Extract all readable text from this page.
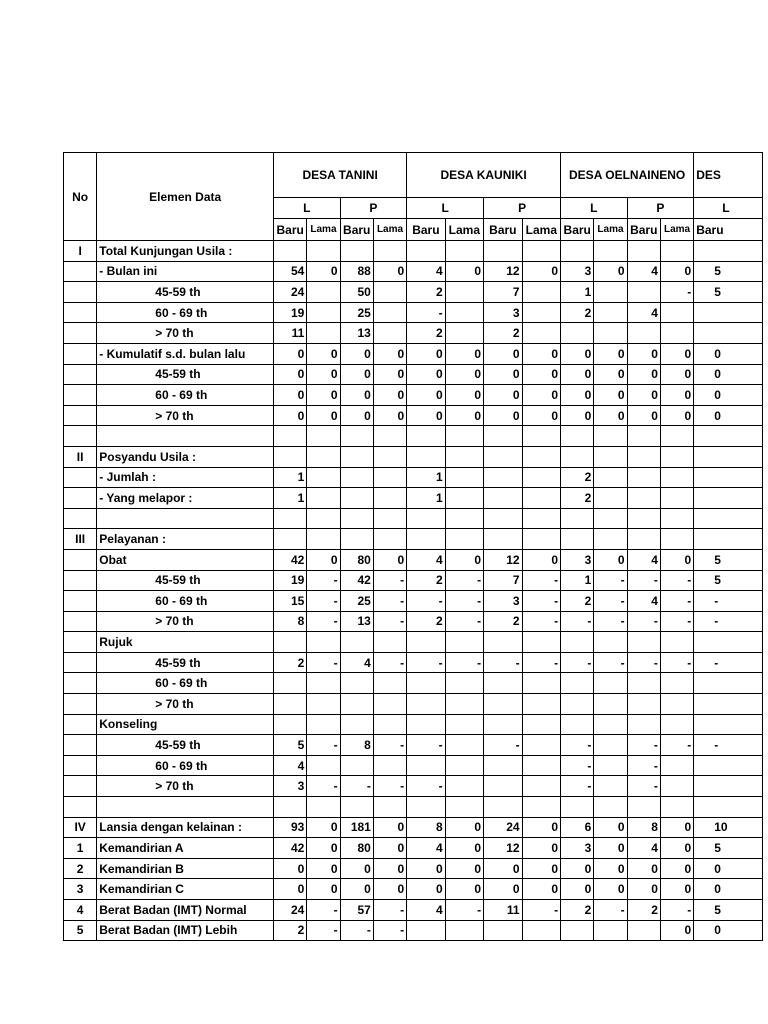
No	Elemen Data	DESA TANINI				DESA KAUNIKI				DESA OELNAINENO				DES
		L		P		L		P		L		P		L
		Baru	Lama	Baru	Lama	Baru	Lama	Baru	Lama	Baru	Lama	Baru	Lama	Baru
I	Total Kunjungan Usila :													
	- Bulan ini	54	0	88	0	4	0	12	0	3	0	4	0	5
	45-59 th	24		50		2		7		1			-	5
	60 - 69 th	19		25		-		3		2		4		
	> 70 th	11		13		2		2						
	- Kumulatif s.d. bulan lalu	0	0	0	0	0	0	0	0	0	0	0	0	0
	45-59 th	0	0	0	0	0	0	0	0	0	0	0	0	0
	60 - 69 th	0	0	0	0	0	0	0	0	0	0	0	0	0
	> 70 th	0	0	0	0	0	0	0	0	0	0	0	0	0

II	Posyandu Usila :													
	- Jumlah :	1				1				2				
	- Yang melapor :	1				1				2				

III	Pelayanan :													
	Obat	42	0	80	0	4	0	12	0	3	0	4	0	5
	45-59 th	19	-	42	-	2	-	7	-	1	-	-	-	5
	60 - 69 th	15	-	25	-	-	-	3	-	2	-	4	-	-
	> 70 th	8	-	13	-	2	-	2	-	-	-	-	-	-
	Rujuk													
	45-59 th	2	-	4	-	-	-	-	-	-	-	-	-	-
	60 - 69 th													
	> 70 th													
	Konseling													
	45-59 th	5	-	8	-	-		-		-		-	-	-
	60 - 69 th	4								-		-		
	> 70 th	3	-	-	-	-				-		-		

IV	Lansia dengan kelainan :	93	0	181	0	8	0	24	0	6	0	8	0	10
1	Kemandirian A	42	0	80	0	4	0	12	0	3	0	4	0	5
2	Kemandirian B	0	0	0	0	0	0	0	0	0	0	0	0	0
3	Kemandirian C	0	0	0	0	0	0	0	0	0	0	0	0	0
4	Berat Badan (IMT) Normal	24	-	57	-	4	-	11	-	2	-	2	-	5
5	Berat Badan (IMT) Lebih	2	-	-	-								0	0
